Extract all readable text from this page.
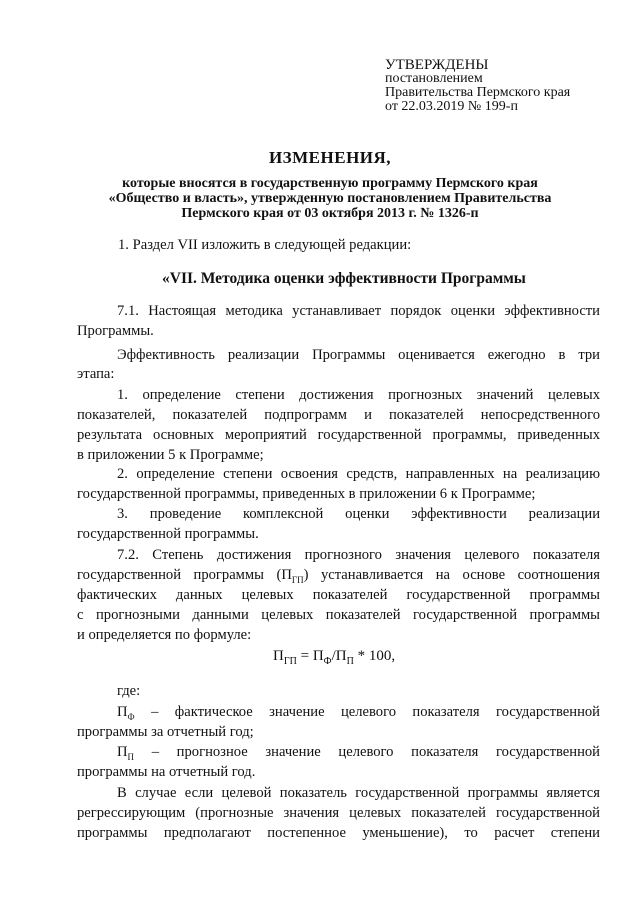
УТВЕРЖДЕНЫ
постановлением
Правительства Пермского края
от 22.03.2019 № 199-п
ИЗМЕНЕНИЯ,
которые вносятся в государственную программу Пермского края
«Общество и власть», утвержденную постановлением Правительства
Пермского края от 03 октября 2013 г. № 1326-п
1. Раздел VII изложить в следующей редакции:
«VII. Методика оценки эффективности Программы
7.1. Настоящая методика устанавливает порядок оценки эффективности
Программы.
Эффективность реализации Программы оценивается ежегодно в три
этапа:
1. определение степени достижения прогнозных значений целевых
показателей, показателей подпрограмм и показателей непосредственного
результата основных мероприятий государственной программы, приведенных
в приложении 5 к Программе;
2. определение степени освоения средств, направленных на реализацию
государственной программы, приведенных в приложении 6 к Программе;
3. проведение комплексной оценки эффективности реализации
государственной программы.
7.2. Степень достижения прогнозного значения целевого показателя
государственной программы $(П_{ГП})$ устанавливается на основе соотношения
фактических данных целевых показателей государственной программы
с прогнозными данными целевых показателей государственной программы
и определяется по формуле:
$П_{ГП} = П_Ф/П_П * 100$,
где:
$П_Ф$ – фактическое значение целевого показателя государственной
программы за отчетный год;
$П_П$ – прогнозное значение целевого показателя государственной
программы на отчетный год.
В случае если целевой показатель государственной программы является
регрессирующим (прогнозные значения целевых показателей государственной
программы предполагают постепенное уменьшение), то расчет степени
